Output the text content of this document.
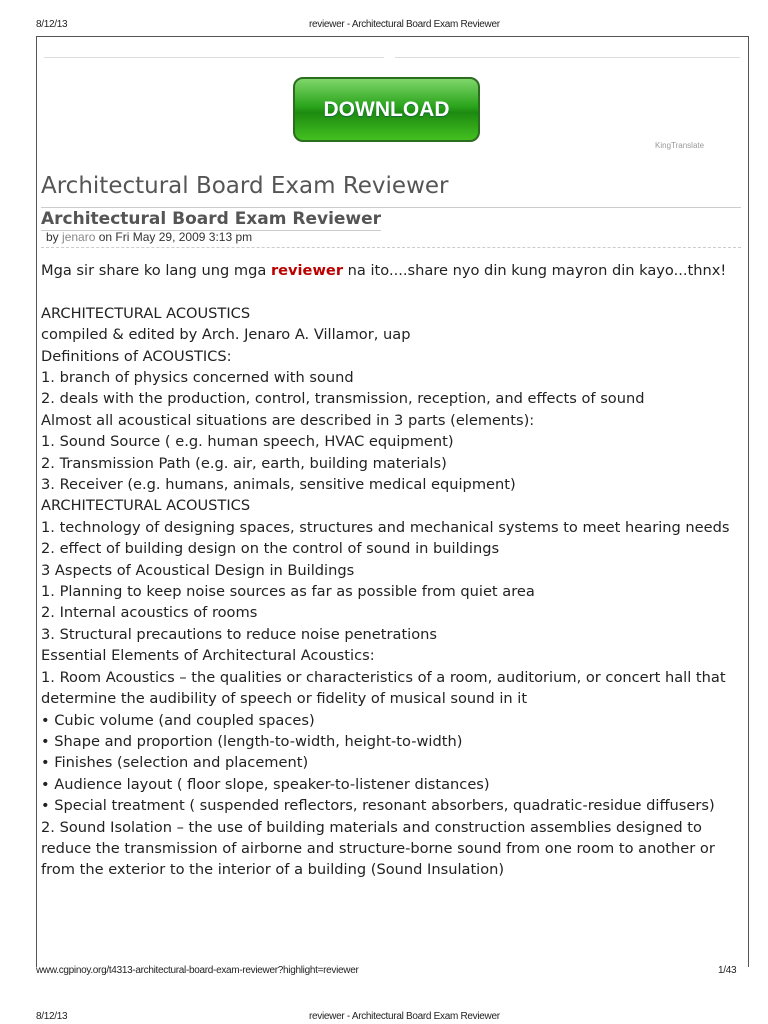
8/12/13	reviewer - Architectural Board Exam Reviewer
DOWNLOAD
KingTranslate
Architectural Board Exam Reviewer
Architectural Board Exam Reviewer
by jenaro on Fri May 29, 2009 3:13 pm
Mga sir share ko lang ung mga reviewer na ito....share nyo din kung mayron din kayo...thnx!
ARCHITECTURAL ACOUSTICS
compiled & edited by Arch. Jenaro A. Villamor, uap
Definitions of ACOUSTICS:
1. branch of physics concerned with sound
2. deals with the production, control, transmission, reception, and effects of sound
Almost all acoustical situations are described in 3 parts (elements):
1. Sound Source ( e.g. human speech, HVAC equipment)
2. Transmission Path (e.g. air, earth, building materials)
3. Receiver (e.g. humans, animals, sensitive medical equipment)
ARCHITECTURAL ACOUSTICS
1. technology of designing spaces, structures and mechanical systems to meet hearing needs
2. effect of building design on the control of sound in buildings
3 Aspects of Acoustical Design in Buildings
1. Planning to keep noise sources as far as possible from quiet area
2. Internal acoustics of rooms
3. Structural precautions to reduce noise penetrations
Essential Elements of Architectural Acoustics:
1. Room Acoustics – the qualities or characteristics of a room, auditorium, or concert hall that determine the audibility of speech or fidelity of musical sound in it
• Cubic volume (and coupled spaces)
• Shape and proportion (length-to-width, height-to-width)
• Finishes (selection and placement)
• Audience layout ( floor slope, speaker-to-listener distances)
• Special treatment ( suspended reflectors, resonant absorbers, quadratic-residue diffusers)
2. Sound Isolation – the use of building materials and construction assemblies designed to reduce the transmission of airborne and structure-borne sound from one room to another or from the exterior to the interior of a building (Sound Insulation)
www.cgpinoy.org/t4313-architectural-board-exam-reviewer?highlight=reviewer	1/43
8/12/13	reviewer - Architectural Board Exam Reviewer
